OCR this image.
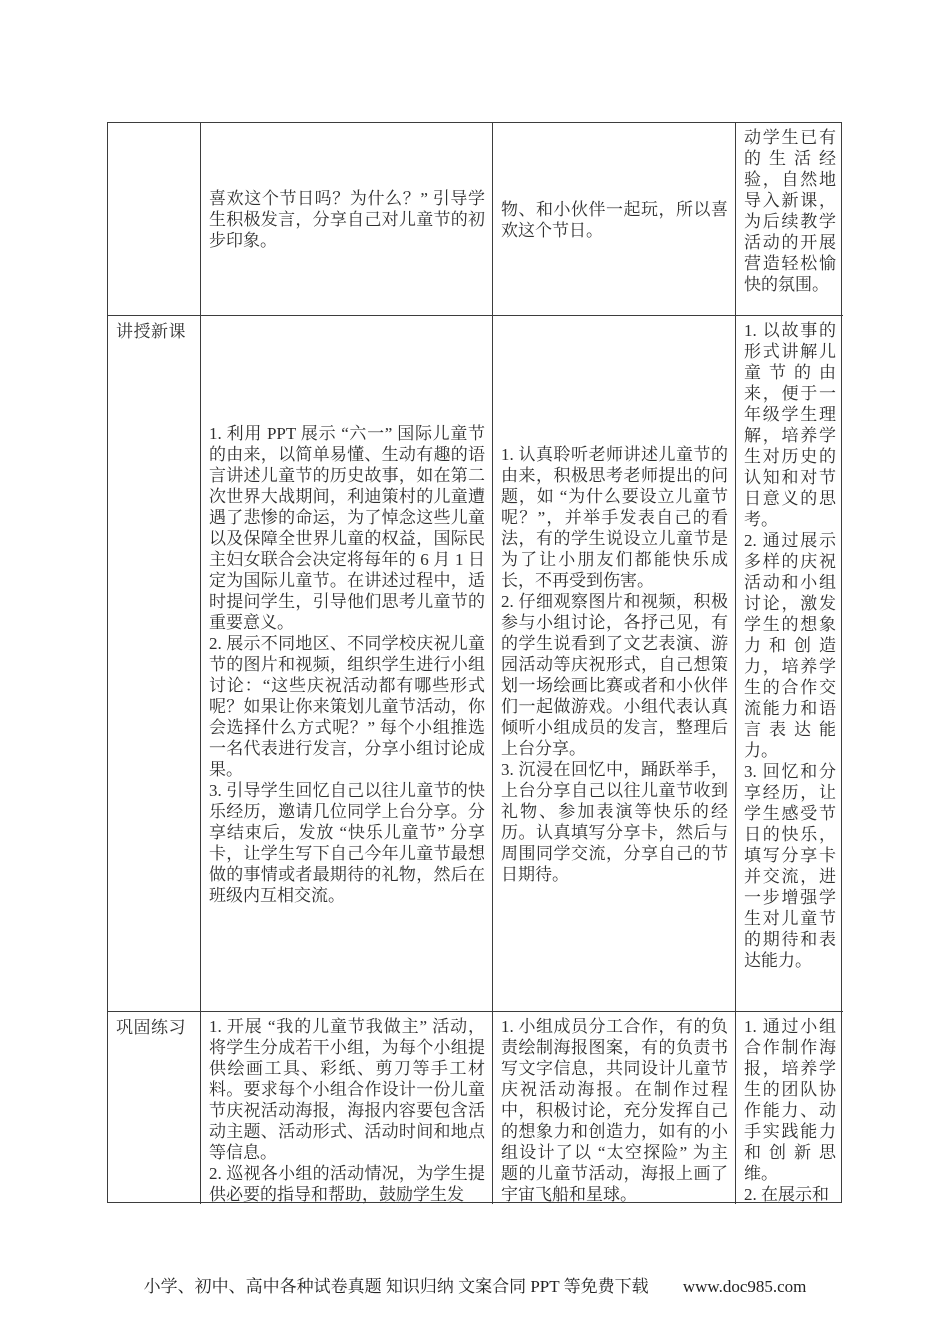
喜欢这个节日吗？为什么？” 引导学生积极发言，分享自己对儿童节的初步印象。

物、和小伙伴一起玩，所以喜欢这个节日。

动学生已有的生活经验，自然地导入新课，为后续教学活动的开展营造轻松愉快的氛围。

讲授新课

1. 利用 PPT 展示 “六一” 国际儿童节的由来，以简单易懂、生动有趣的语言讲述儿童节的历史故事，如在第二次世界大战期间，利迪策村的儿童遭遇了悲惨的命运，为了悼念这些儿童以及保障全世界儿童的权益，国际民主妇女联合会决定将每年的 6 月 1 日定为国际儿童节。在讲述过程中，适时提问学生，引导他们思考儿童节的重要意义。

2. 展示不同地区、不同学校庆祝儿童节的图片和视频，组织学生进行小组讨论：“这些庆祝活动都有哪些形式呢？如果让你来策划儿童节活动，你会选择什么方式呢？” 每个小组推选一名代表进行发言，分享小组讨论成果。

3. 引导学生回忆自己以往儿童节的快乐经历，邀请几位同学上台分享。分享结束后，发放 “快乐儿童节” 分享卡，让学生写下自己今年儿童节最想做的事情或者最期待的礼物，然后在班级内互相交流。

1. 认真聆听老师讲述儿童节的由来，积极思考老师提出的问题，如 “为什么要设立儿童节呢？”，并举手发表自己的看法，有的学生说设立儿童节是为了让小朋友们都能快乐成长，不再受到伤害。

2. 仔细观察图片和视频，积极参与小组讨论，各抒己见，有的学生说看到了文艺表演、游园活动等庆祝形式，自己想策划一场绘画比赛或者和小伙伴们一起做游戏。小组代表认真倾听小组成员的发言，整理后上台分享。

3. 沉浸在回忆中，踊跃举手，上台分享自己以往儿童节收到礼物、参加表演等快乐的经历。认真填写分享卡，然后与周围同学交流，分享自己的节日期待。

1. 以故事的形式讲解儿童节的由来，便于一年级学生理解，培养学生对历史的认知和对节日意义的思考。

2. 通过展示多样的庆祝活动和小组讨论，激发学生的想象力和创造力，培养学生的合作交流能力和语言表达能力。

3. 回忆和分享经历，让学生感受节日的快乐，填写分享卡并交流，进一步增强学生对儿童节的期待和表达能力。

巩固练习	1. 开展 “我的儿童节我做主” 活动，将学生分成若干小组，为每个小组提供绘画工具、彩纸、剪刀等手工材料。要求每个小组合作设计一份儿童节庆祝活动海报，海报内容要包含活动主题、活动形式、活动时间和地点等信息。

2. 巡视各小组的活动情况，为学生提供必要的指导和帮助，鼓励学生发

1. 小组成员分工合作，有的负责绘制海报图案，有的负责书写文字信息，共同设计儿童节庆祝活动海报。在制作过程中，积极讨论，充分发挥自己的想象力和创造力，如有的小组设计了以 “太空探险” 为主题的儿童节活动，海报上画了宇宙飞船和星球。

1. 通过小组合作制作海报，培养学生的团队协作能力、动手实践能力和创新思维。

2. 在展示和

小学、初中、高中各种试卷真题 知识归纳 文案合同 PPT 等免费下载 www.doc985.com
